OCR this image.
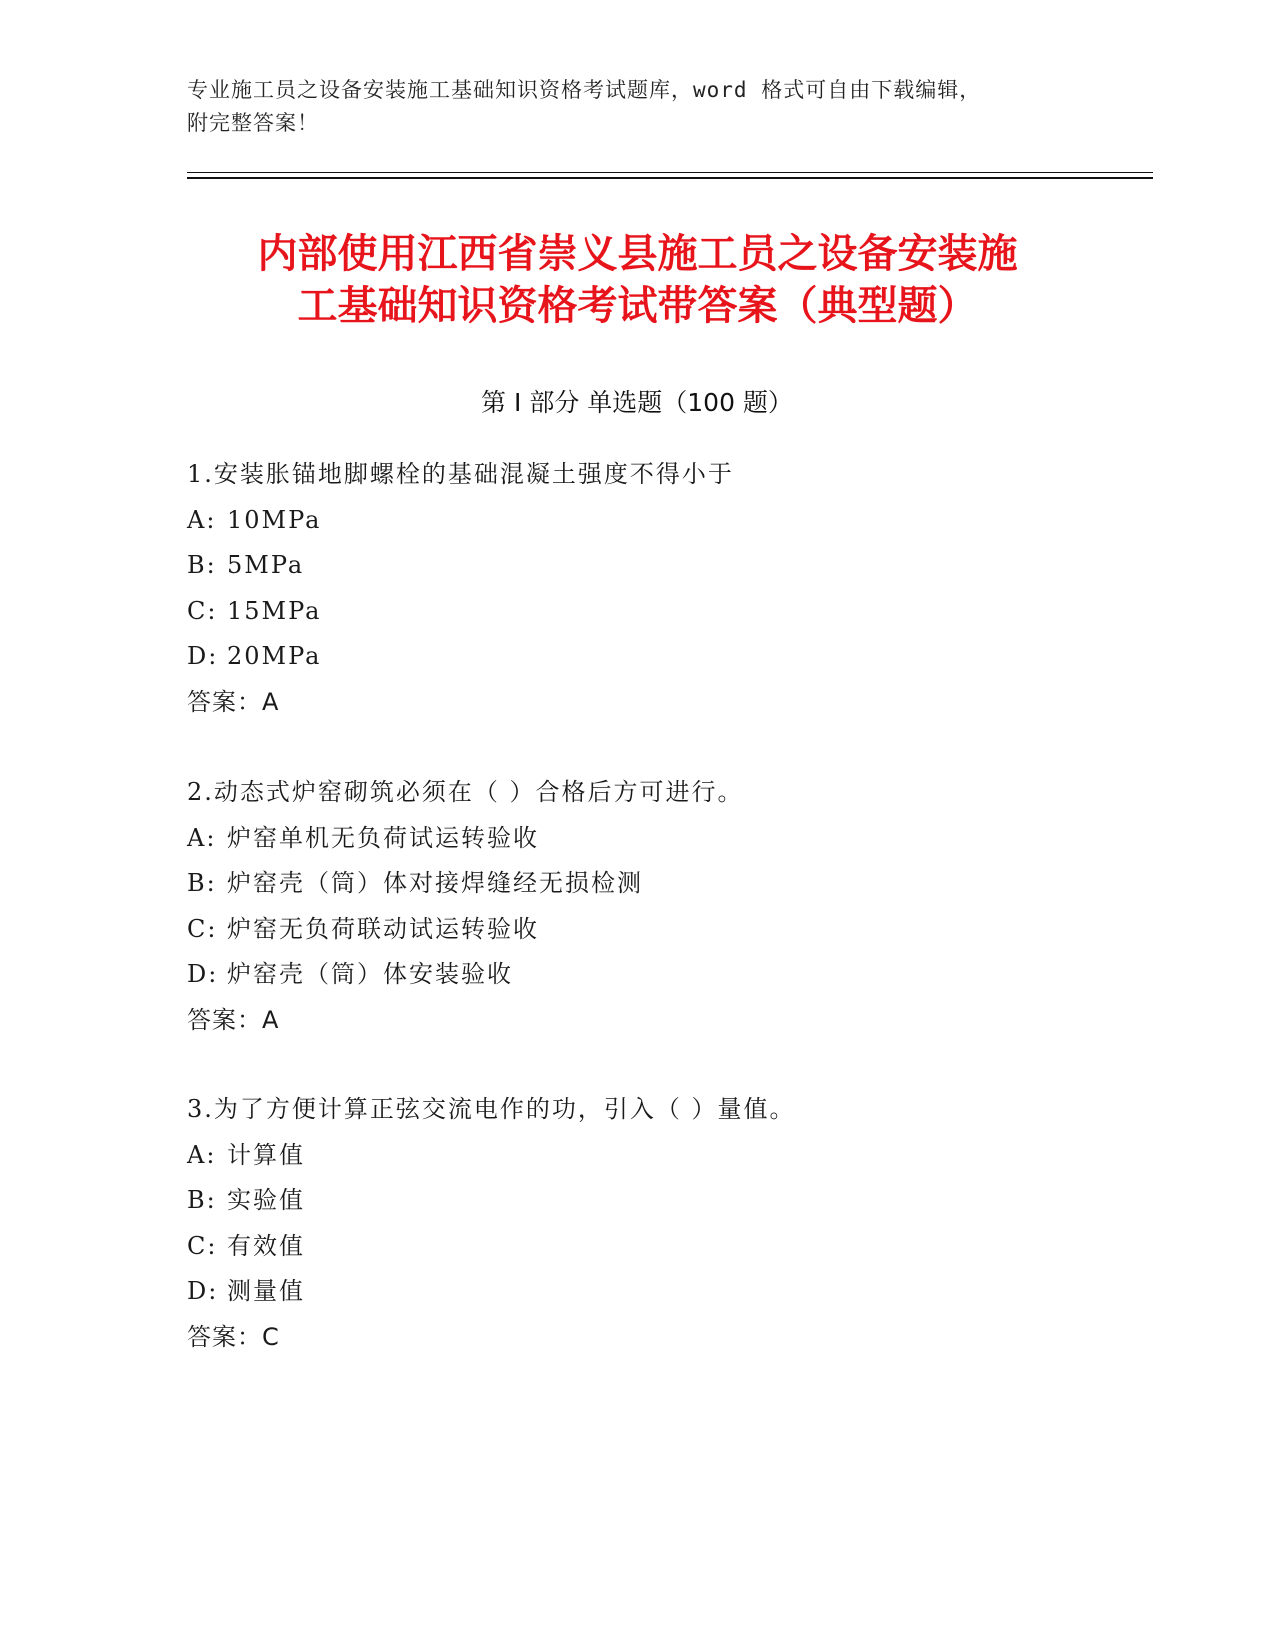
专业施工员之设备安装施工基础知识资格考试题库，word 格式可自由下载编辑，
附完整答案！
内部使用江西省崇义县施工员之设备安装施
工基础知识资格考试带答案（典型题）
第 I 部分 单选题（100 题）
1.安装胀锚地脚螺栓的基础混凝土强度不得小于
A: 10MPa
B: 5MPa
C: 15MPa
D: 20MPa
答案：A
2.动态式炉窑砌筑必须在（ ）合格后方可进行。
A: 炉窑单机无负荷试运转验收
B: 炉窑壳（筒）体对接焊缝经无损检测
C: 炉窑无负荷联动试运转验收
D: 炉窑壳（筒）体安装验收
答案：A
3.为了方便计算正弦交流电作的功，引入（ ）量值。
A: 计算值
B: 实验值
C: 有效值
D: 测量值
答案：C
